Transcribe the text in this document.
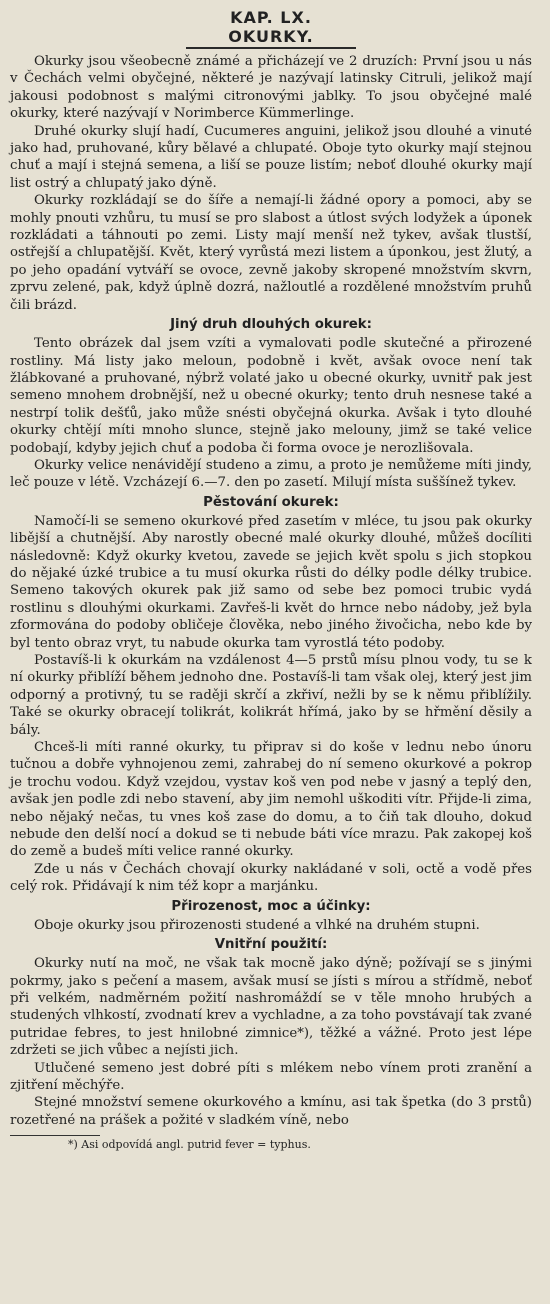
KAP. LX. OKURKY.

Okurky jsou všeobecně známé a přicházejí ve 2 druzích: První jsou u nás v Čechách velmi obyčejné, některé je nazývají latinsky Citruli, jelikož mají jakousi podobnost s malými citronovými jablky. To jsou obyčejné malé okurky, které nazývají v Norimberce Kümmerlinge.

Druhé okurky slují hadí, Cucumeres anguini, jelikož jsou dlouhé a vinuté jako had, pruhované, kůry bělavé a chlupaté. Oboje tyto okurky mají stejnou chuť a mají i stejná semena, a liší se pouze listím; neboť dlouhé okurky mají list ostrý a chlupatý jako dýně.

Okurky rozkládají se do šíře a nemají-li žádné opory a pomoci, aby se mohly pnouti vzhůru, tu musí se pro slabost a útlost svých lodyžek a úponek rozkládati a táhnouti po zemi. Listy mají menší než tykev, avšak tlustší, ostřejší a chlupatější. Květ, který vyrůstá mezi listem a úponkou, jest žlutý, a po jeho opadání vytváří se ovoce, zevně jakoby skropené množstvím skvrn, zprvu zelené, pak, když úplně dozrá, nažloutlé a rozdělené množstvím pruhů čili brázd.

Jiný druh dlouhých okurek:

Tento obrázek dal jsem vzíti a vymalovati podle skutečné a přirozené rostliny. Má listy jako meloun, podobně i květ, avšak ovoce není tak žlábkované a pruhované, nýbrž volaté jako u obecné okurky, uvnitř pak jest semeno mnohem drobnější, než u obecné okurky; tento druh nesnese také a nestrpí tolik dešťů, jako může snésti obyčejná okurka. Avšak i tyto dlouhé okurky chtějí míti mnoho slunce, stejně jako melouny, jimž se také velice podobají, kdyby jejich chuť a podoba či forma ovoce je nerozlišovala.

Okurky velice nenávidějí studeno a zimu, a proto je nemůžeme míti jindy, leč pouze v létě. Vzcházejí 6.—7. den po zasetí. Milují místa suššínež tykev.

Pěstování okurek:

Namočí-li se semeno okurkové před zasetím v mléce, tu jsou pak okurky libější a chutnější. Aby narostly obecné malé okurky dlouhé, můžeš docíliti následovně: Když okurky kvetou, zavede se jejich květ spolu s jich stopkou do nějaké úzké trubice a tu musí okurka růsti do délky podle délky trubice. Semeno takových okurek pak již samo od sebe bez pomoci trubic vydá rostlinu s dlouhými okurkami. Zavřeš-li květ do hrnce nebo nádoby, jež byla zformována do podoby obličeje člověka, nebo jiného živočicha, nebo kde by byl tento obraz vryt, tu nabude okurka tam vyrostlá této podoby.

Postavíš-li k okurkám na vzdálenost 4—5 prstů mísu plnou vody, tu se k ní okurky přiblíží během jednoho dne. Postavíš-li tam však olej, který jest jim odporný a protivný, tu se raději skrčí a zkřiví, nežli by se k němu přiblížily. Také se okurky obracejí tolikrát, kolikrát hřímá, jako by se hřmění děsily a bály.

Chceš-li míti ranné okurky, tu připrav si do koše v lednu nebo únoru tučnou a dobře vyhnojenou zemi, zahrabej do ní semeno okurkové a pokrop je trochu vodou. Když vzejdou, vystav koš ven pod nebe v jasný a teplý den, avšak jen podle zdi nebo stavení, aby jim nemohl uškoditi vítr. Přijde-li zima, nebo nějaký nečas, tu vnes koš zase do domu, a to čiň tak dlouho, dokud nebude den delší nocí a dokud se ti nebude báti více mrazu. Pak zakopej koš do země a budeš míti velice ranné okurky.

Zde u nás v Čechách chovají okurky nakládané v soli, octě a vodě přes celý rok. Přidávají k nim též kopr a marjánku.

Přirozenost, moc a účinky:

Oboje okurky jsou přirozenosti studené a vlhké na druhém stupni.

Vnitřní použití:

Okurky nutí na moč, ne však tak mocně jako dýně; požívají se s jinými pokrmy, jako s pečení a masem, avšak musí se jísti s mírou a střídmě, neboť při velkém, nadměrném požití nashromáždí se v těle mnoho hrubých a studených vlhkostí, zvodnatí krev a vychladne, a za toho povstávají tak zvané putridae febres, to jest hnilobné zimnice*), těžké a vážné. Proto jest lépe zdržeti se jich vůbec a nejísti jich.

Utlučené semeno jest dobré píti s mlékem nebo vínem proti zranění a zjitření měchýře.

Stejné množství semene okurkového a kmínu, asi tak špetka (do 3 prstů) rozetřené na prášek a požité v sladkém víně, nebo

*) Asi odpovídá angl. putrid fever = typhus.
